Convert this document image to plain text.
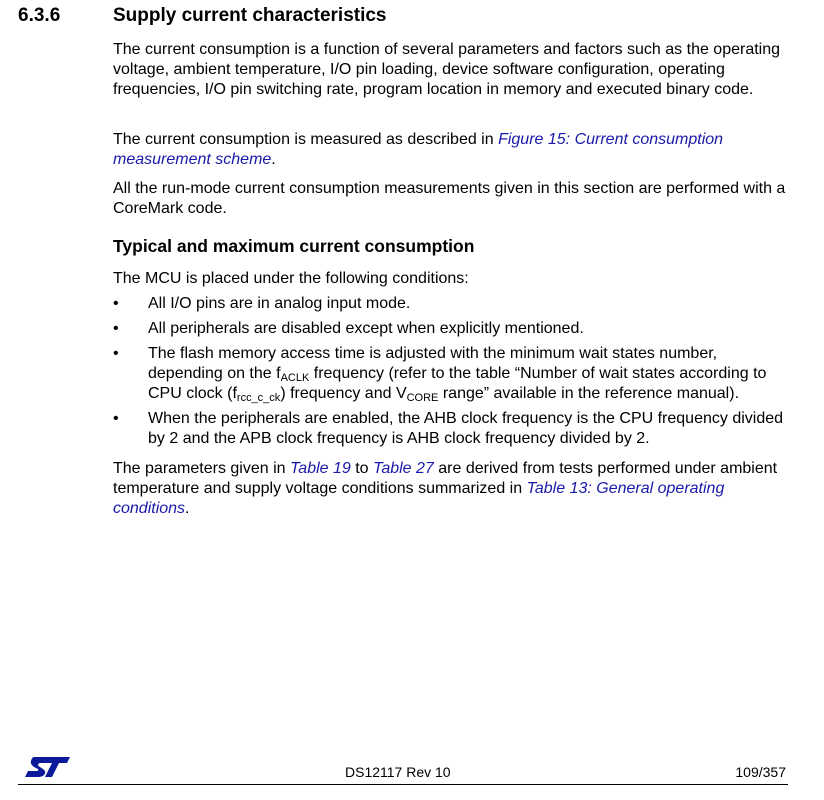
6.3.6	Supply current characteristics
The current consumption is a function of several parameters and factors such as the operating voltage, ambient temperature, I/O pin loading, device software configuration, operating frequencies, I/O pin switching rate, program location in memory and executed binary code.
The current consumption is measured as described in Figure 15: Current consumption measurement scheme.
All the run-mode current consumption measurements given in this section are performed with a CoreMark code.
Typical and maximum current consumption
The MCU is placed under the following conditions:
• All I/O pins are in analog input mode.
• All peripherals are disabled except when explicitly mentioned.
• The flash memory access time is adjusted with the minimum wait states number, depending on the $f_{ACLK}$ frequency (refer to the table “Number of wait states according to CPU clock $(f_{rcc\_c\_ck})$ frequency and $V_{CORE}$ range” available in the reference manual).
• When the peripherals are enabled, the AHB clock frequency is the CPU frequency divided by 2 and the APB clock frequency is AHB clock frequency divided by 2.
The parameters given in Table 19 to Table 27 are derived from tests performed under ambient temperature and supply voltage conditions summarized in Table 13: General operating conditions.
DS12117 Rev 10	109/357
